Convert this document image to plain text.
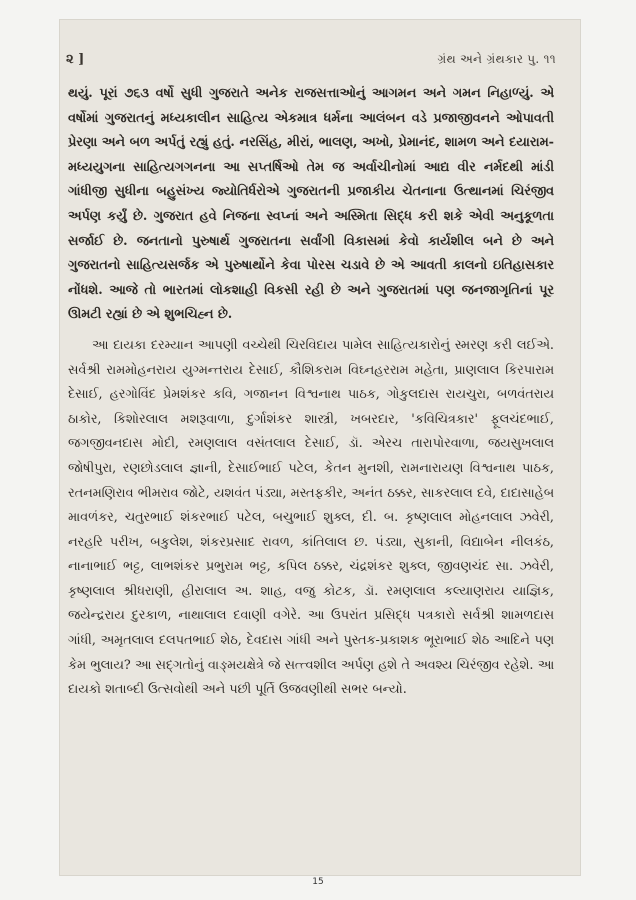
૨ ]	ગ્રંથ અને ગ્રંથકાર પુ. ૧૧

થયું. પૂરાં ૭૬૩ વર્ષો સુધી ગુજરાતે અનેક રાજસત્તાઓનું આગમન અને ગમન નિહાળ્યું. એ વર્ષોમાં ગુજરાતનું મધ્યકાલીન સાહિત્ય એકમાત્ર ધર્મના આલંબન વડે પ્રજાજીવનને ઓપાવતી પ્રેરણા અને બળ અર્પતું રહ્યું હતું. નરસિંહ, મીરાં, ભાલણ, અખો, પ્રેમાનંદ, શામળ અને દયારામ-મધ્યયુગના સાહિત્યગગનના આ સપ્તર્ષિઓ તેમ જ અર્વાચીનોમાં આદ્ય વીર નર્મદથી માંડી ગાંધીજી સુધીના બહુસંખ્ય જ્યોતિર્ધરોએ ગુજરાતની પ્રજાકીય ચેતનાના ઉત્થાનમાં ચિરંજીવ અર્પણ કર્યું છે. ગુજરાત હવે નિજના સ્વપ્નાં અને અસ્મિતા સિદ્ધ કરી શકે એવી અનુકૂળતા સર્જાઈ છે. જનતાનો પુરુષાર્થ ગુજરાતના સર્વાંગી વિકાસમાં કેવો કાર્યશીલ બને છે અને ગુજરાતનો સાહિત્યસર્જક એ પુરુષાર્થોને કેવા પોરસ ચડાવે છે એ આવતી કાલનો ઇતિહાસકાર નોંધશે. આજે તો ભારતમાં લોકશાહી વિકસી રહી છે અને ગુજરાતમાં પણ જનજાગૃતિનાં પૂર ઊમટી રહ્યાં છે એ શુભચિહ્ન છે.

આ દાયકા દરમ્યાન આપણી વચ્ચેથી ચિરવિદાય પામેલ સાહિત્યકારોનું સ્મરણ કરી લઈએ. સર્વશ્રી રામમોહનરાય યુગ્મન્તરાય દેસાઈ, કૌશિકરામ વિઘ્નહરરામ મહેતા, પ્રાણલાલ કિરપારામ દેસાઈ, હરગોવિંદ પ્રેમશંકર કવિ, ગજાનન વિશ્વનાથ પાઠક, ગોકુલદાસ રાયચુરા, બળવંતરાય ઠાકોર, કિશોરલાલ મશરૂવાળા, દુર્ગાશંકર શાસ્ત્રી, ખબરદાર, 'કવિચિત્રકાર' ફૂલચંદભાઈ, જગજીવનદાસ મોદી, રમણલાલ વસંતલાલ દેસાઈ, ડૉ. એરચ તારાપોરવાળા, જયસુખલાલ જોષીપુરા, રણછોડલાલ જ્ઞાની, દેસાઈભાઈ પટેલ, કેતન મુનશી, રામનારાયણ વિશ્વનાથ પાઠક, રતનમણિરાવ ભીમરાવ જોટે, યશવંત પંડ્યા, મસ્તફકીર, અનંત ઠક્કર, સાકરલાલ દવે, દાદાસાહેબ માવળંકર, ચતુરભાઈ શંકરભાઈ પટેલ, બચુભાઈ શુક્લ, દી. બ. કૃષ્ણલાલ મોહનલાલ ઝવેરી, નરહરિ પરીખ, બકુલેશ, શંકરપ્રસાદ રાવળ, કાંતિલાલ છ. પંડ્યા, સુકાની, વિદ્યાબેન નીલકંઠ, નાનાભાઈ ભટ્ટ, લાભશંકર પ્રભુરામ ભટ્ટ, કપિલ ઠક્કર, ચંદ્રશંકર શુક્લ, જીવણચંદ સા. ઝવેરી, કૃષ્ણલાલ શ્રીધરાણી, હીરાલાલ અ. શાહ, વજુ કોટક, ડૉ. રમણલાલ કલ્યાણરાય યાજ્ઞિક, જયેન્દ્રરાય દુરકાળ, નાથાલાલ દવાણી વગેરે. આ ઉપરાંત પ્રસિદ્ધ પત્રકારો સર્વશ્રી શામળદાસ ગાંધી, અમૃતલાલ દલપતભાઈ શેઠ, દેવદાસ ગાંધી અને પુસ્તક-પ્રકાશક ભૂરાભાઈ શેઠ આદિને પણ કેમ ભુલાય? આ સદ્‌ગતોનું વાઙ્‌મયક્ષેત્રે જે સત્ત્વશીલ અર્પણ હશે તે અવશ્ય ચિરંજીવ રહેશે. આ દાયકો શતાબ્દી ઉત્સવોથી અને પછી પૂર્તિ ઉજવણીથી સભર બન્યો.

15
